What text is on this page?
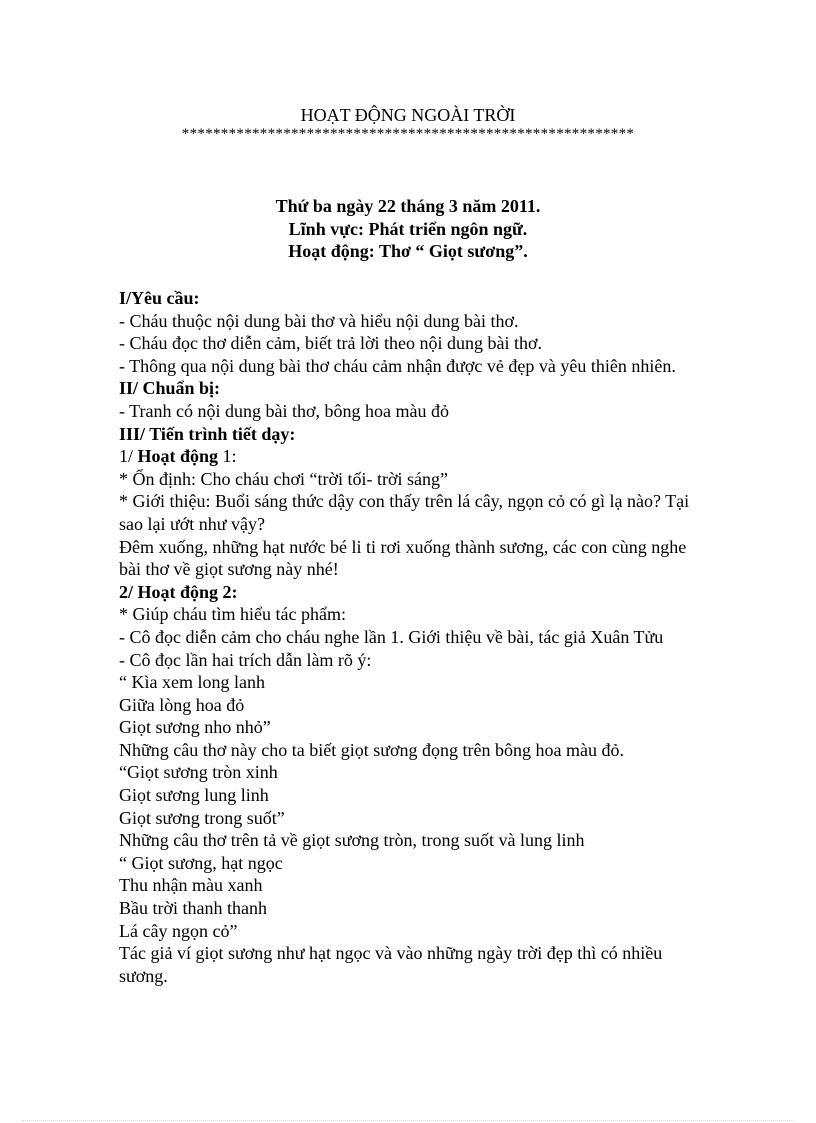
HOẠT ĐỘNG NGOÀI TRỜI
**********************************************************
Thứ ba ngày 22 tháng 3 năm 2011.
Lĩnh vực: Phát triển ngôn ngữ.
Hoạt động: Thơ “ Giọt sương”.

I/Yêu cầu:

- Cháu thuộc nội dung bài thơ và hiểu nội dung bài thơ.

- Cháu đọc thơ diễn cảm, biết trả lời theo nội dung bài thơ.

- Thông qua nội dung bài thơ cháu cảm nhận được vẻ đẹp và yêu thiên nhiên.

II/ Chuẩn bị:

- Tranh có nội dung bài thơ, bông hoa màu đỏ

III/ Tiến trình tiết dạy:

1/ Hoạt động 1:

* Ổn định: Cho cháu chơi “trời tối- trời sáng”

* Giới thiệu: Buổi sáng thức dậy con thấy trên lá cây, ngọn cỏ có gì lạ nào? Tại sao lại ướt như vậy?

Đêm xuống, những hạt nước bé li ti rơi xuống thành sương, các con cùng nghe bài thơ về giọt sương này nhé!

2/ Hoạt động 2:

* Giúp cháu tìm hiểu tác phẩm:

- Cô đọc diễn cảm cho cháu nghe lần 1. Giới thiệu về bài, tác giả Xuân Tửu

- Cô đọc lần hai trích dẫn làm rõ ý:

“ Kìa xem long lanh

Giữa lòng hoa đỏ

Giọt sương nho nhỏ”

Những câu thơ này cho ta biết giọt sương đọng trên bông hoa màu đỏ.

“Giọt sương tròn xinh

Giọt sương lung linh

Giọt sương trong suốt”

Những câu thơ trên tả về giọt sương tròn, trong suốt và lung linh

“ Giọt sương, hạt ngọc

Thu nhận màu xanh

Bầu trời thanh thanh

Lá cây ngọn cỏ”

Tác giả ví giọt sương như hạt ngọc và vào những ngày trời đẹp thì có nhiều sương.
